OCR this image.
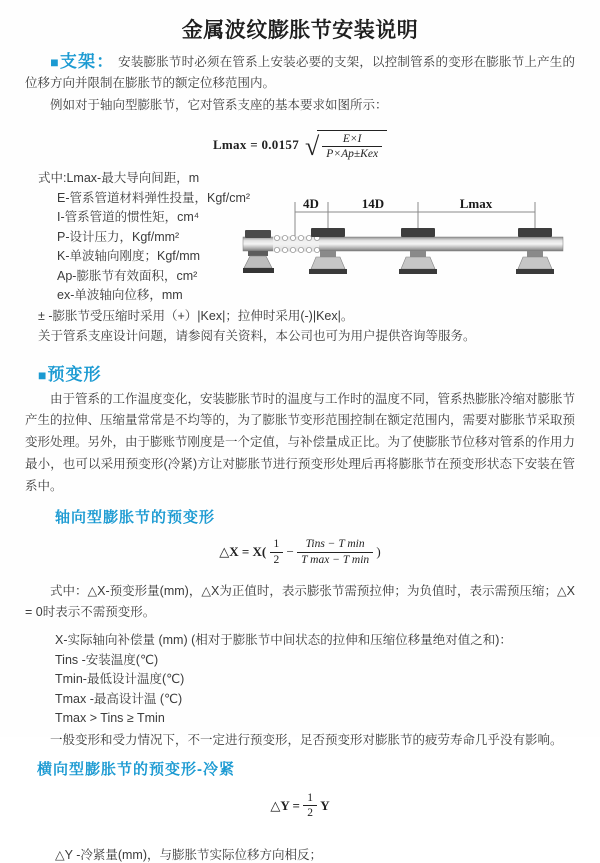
金属波纹膨胀节安装说明

■支架： 安装膨胀节时必须在管系上安装必要的支架，以控制管系的变形在膨胀节上产生的位移方向并限制在膨胀节的额定位移范围内。

例如对于轴向型膨胀节，它对管系支座的基本要求如图所示：

Lmax = 0.0157 √ $\frac{E\times I}{\text{P×Ap±Kex}}$
式中:Lmax-最大导向间距，m
E-管系管道材料弹性投量，Kgf/cm²
I-管系管道的惯性矩，cm⁴
P-设计压力，Kgf/mm²
K-单波轴向刚度；Kgf/mm
Ap-膨胀节有效面积，cm²
ex-单波轴向位移，mm
± -膨胀节受压缩时采用（+）|Kex|；拉伸时采用(-)|Kex|。
关于管系支座设计问题，请参阅有关资料，本公司也可为用户提供咨询等服务。
4D	14D	Lmax
■预变形

由于管系的工作温度变化，安装膨胀节时的温度与工作时的温度不同，管系热膨胀冷缩对膨胀节产生的拉伸、压缩量常常是不均等的，为了膨胀节变形范围控制在额定范围内，需要对膨胀节采取预变形处理。另外，由于膨账节刚度是一个定值，与补偿量成正比。为了使膨胀节位移对管系的作用力最小，也可以采用预变形(冷紧)方让对膨胀节进行预变形处理后再将膨胀节在预变形状态下安装在管系中。

轴向型膨胀节的预变形
△X = $X( \frac{1}{2} - \frac{\text{Tins − T min}}{\text{T max − T min}}$ )

式中：△X-预变形量(mm)，△X为正值时，表示膨张节需预拉伸；为负值时，表示需预压缩；△X = 0时表示不需预变形。

X-实际轴向补偿量 (mm) (相对于膨胀节中间状态的拉伸和压缩位移量绝对值之和)：
Tins -安装温度(℃)
Tmin-最低设计温度(℃)
Tmax -最高设计温 (℃)
Tmax > Tins ≥ Tmin

一般变形和受力情况下，不一定进行预变形，足否预变形对膨胀节的疲劳寿命几乎没有影响。

横向型膨胀节的预变形-冷紧
△Y = $\frac{1}{2}$ Y
△Y -冷紧量(mm)，与膨胀节实际位移方向相反；
